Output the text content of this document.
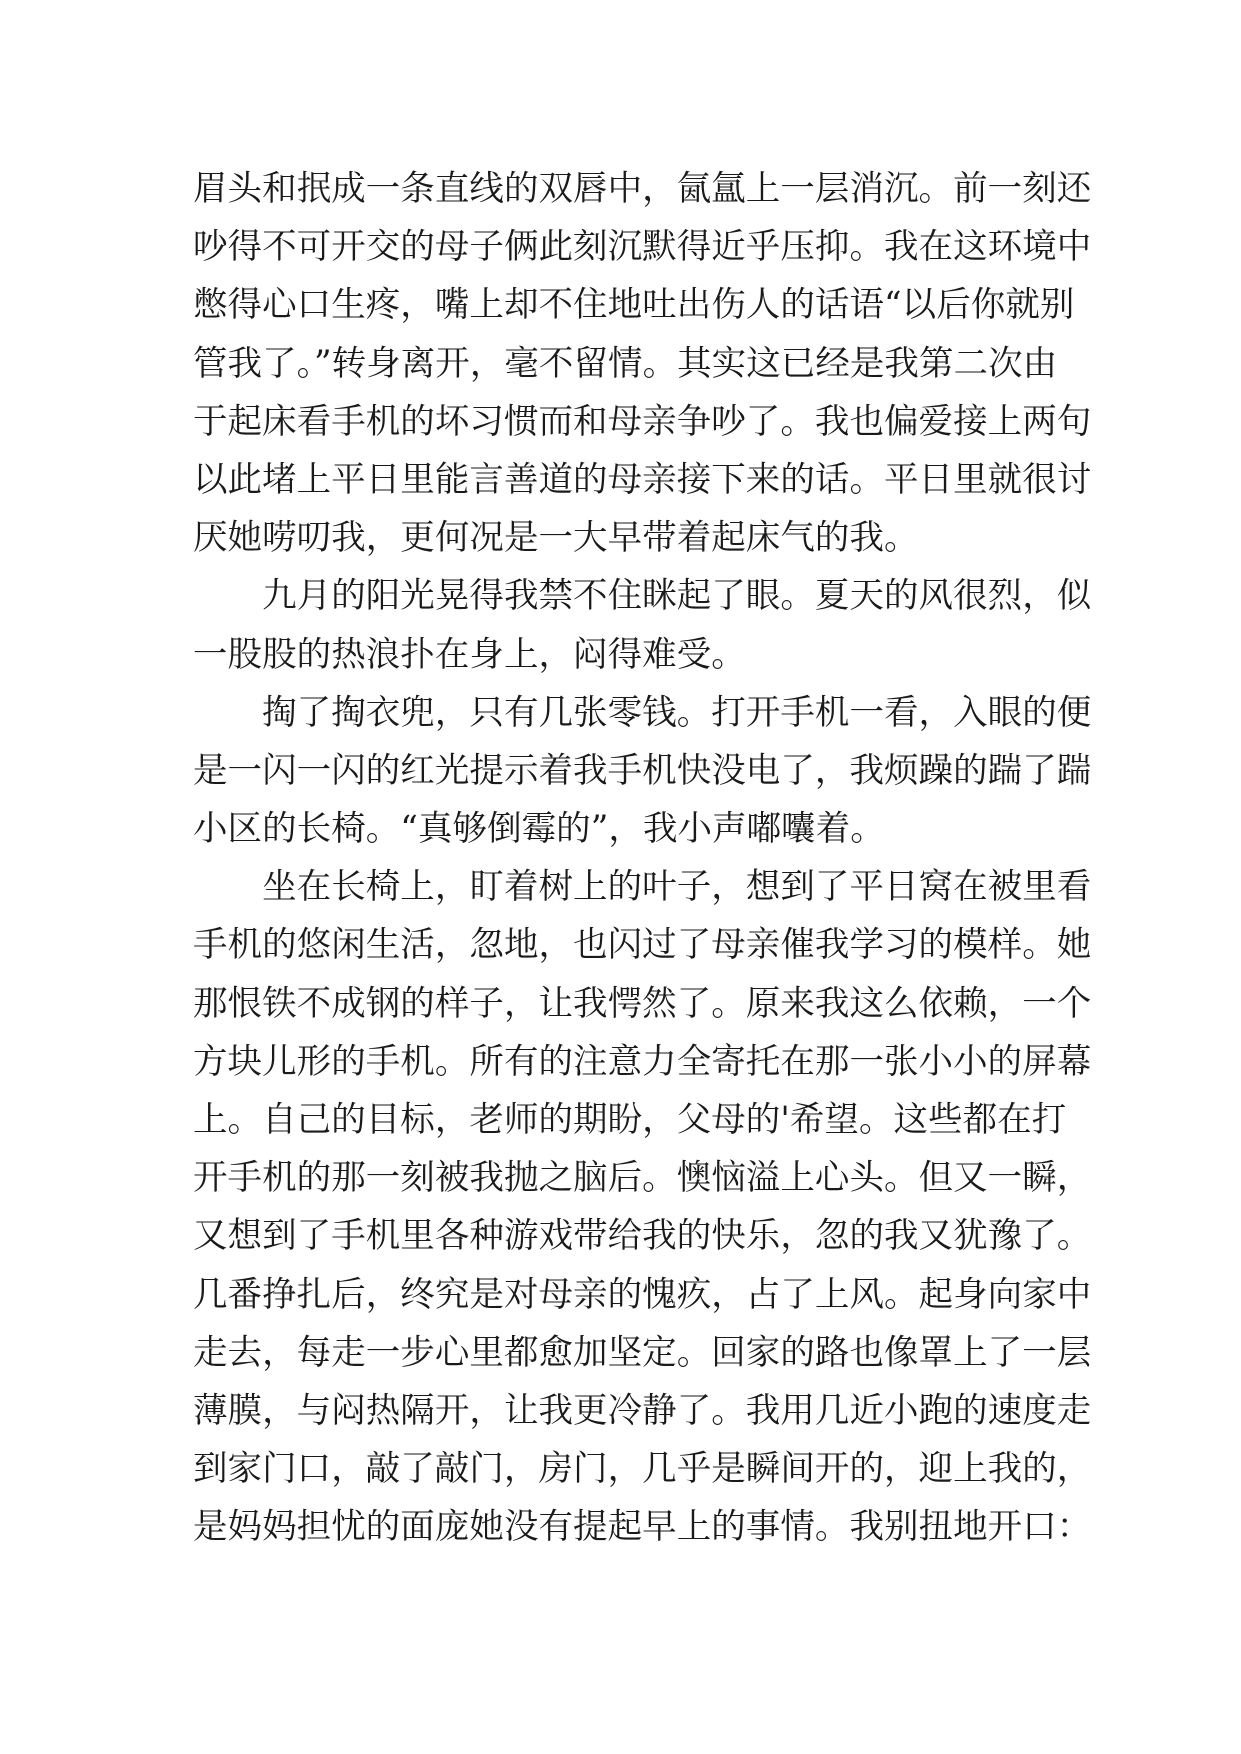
眉头和抿成一条直线的双唇中，氤氲上一层消沉。前一刻还
吵得不可开交的母子俩此刻沉默得近乎压抑。我在这环境中
憋得心口生疼，嘴上却不住地吐出伤人的话语“以后你就别
管我了。”转身离开，毫不留情。其实这已经是我第二次由
于起床看手机的坏习惯而和母亲争吵了。我也偏爱接上两句
以此堵上平日里能言善道的母亲接下来的话。平日里就很讨
厌她唠叨我，更何况是一大早带着起床气的我。
　　九月的阳光晃得我禁不住眯起了眼。夏天的风很烈，似
一股股的热浪扑在身上，闷得难受。
　　掏了掏衣兜，只有几张零钱。打开手机一看，入眼的便
是一闪一闪的红光提示着我手机快没电了，我烦躁的踹了踹
小区的长椅。“真够倒霉的”，我小声嘟囔着。
　　坐在长椅上，盯着树上的叶子，想到了平日窝在被里看
手机的悠闲生活，忽地，也闪过了母亲催我学习的模样。她
那恨铁不成钢的样子，让我愕然了。原来我这么依赖，一个
方块儿形的手机。所有的注意力全寄托在那一张小小的屏幕
上。自己的目标，老师的期盼，父母的'希望。这些都在打
开手机的那一刻被我抛之脑后。懊恼溢上心头。但又一瞬，
又想到了手机里各种游戏带给我的快乐，忽的我又犹豫了。
几番挣扎后，终究是对母亲的愧疚，占了上风。起身向家中
走去，每走一步心里都愈加坚定。回家的路也像罩上了一层
薄膜，与闷热隔开，让我更冷静了。我用几近小跑的速度走
到家门口，敲了敲门，房门，几乎是瞬间开的，迎上我的，
是妈妈担忧的面庞她没有提起早上的事情。我别扭地开口：
